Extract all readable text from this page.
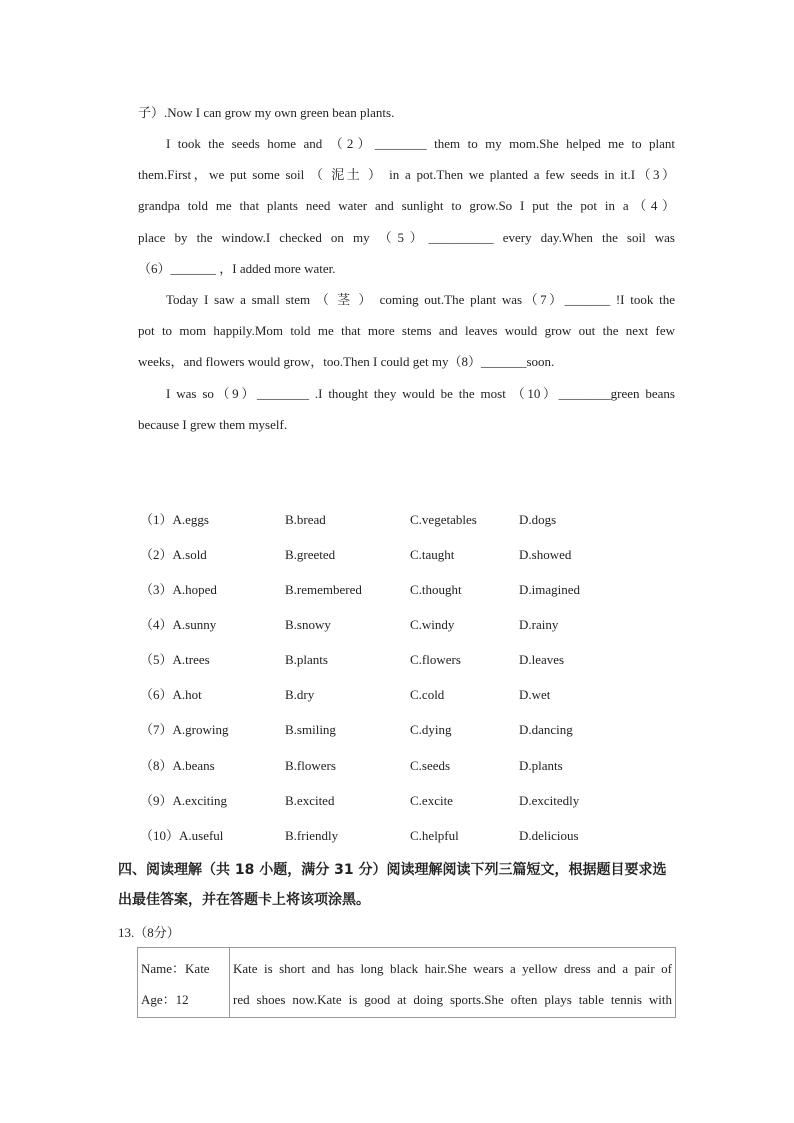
子）.Now I can grow my own green bean plants.
I took the seeds home and （2）________ them to my mom.She helped me to plant
them.First，we put some soil （ 泥土 ） in a pot.Then we planted a few seeds in it.I（3）
grandpa told me that plants need water and sunlight to grow.So I put the pot in a（4）
place by the window.I checked on my （5）__________ every day.When the soil was
（6）_______ ，I added more water.
Today I saw a small stem （ 茎 ） coming out.The plant was（7）_______ !I took the
pot to mom happily.Mom told me that more stems and leaves would grow out the next few
weeks，and flowers would grow，too.Then I could get my（8）_______soon.
I was so（9）________ .I thought they would be the most （10）________green beans
because I grew them myself.
（1）A.eggs	B.bread	C.vegetables	D.dogs
（2）A.sold	B.greeted	C.taught	D.showed
（3）A.hoped	B.remembered	C.thought	D.imagined
（4）A.sunny	B.snowy	C.windy	D.rainy
（5）A.trees	B.plants	C.flowers	D.leaves
（6）A.hot	B.dry	C.cold	D.wet
（7）A.growing	B.smiling	C.dying	D.dancing
（8）A.beans	B.flowers	C.seeds	D.plants
（9）A.exciting	B.excited	C.excite	D.excitedly
（10）A.useful	B.friendly	C.helpful	D.delicious
四、阅读理解（共 18 小题，满分 31 分）阅读理解阅读下列三篇短文，根据题目要求选
出最佳答案，并在答题卡上将该项涂黑。
13.（8分）
Name：Kate
Age：12

Kate is short and has long black hair.She wears a yellow dress and a pair of
red shoes now.Kate is good at doing sports.She often plays table tennis with
